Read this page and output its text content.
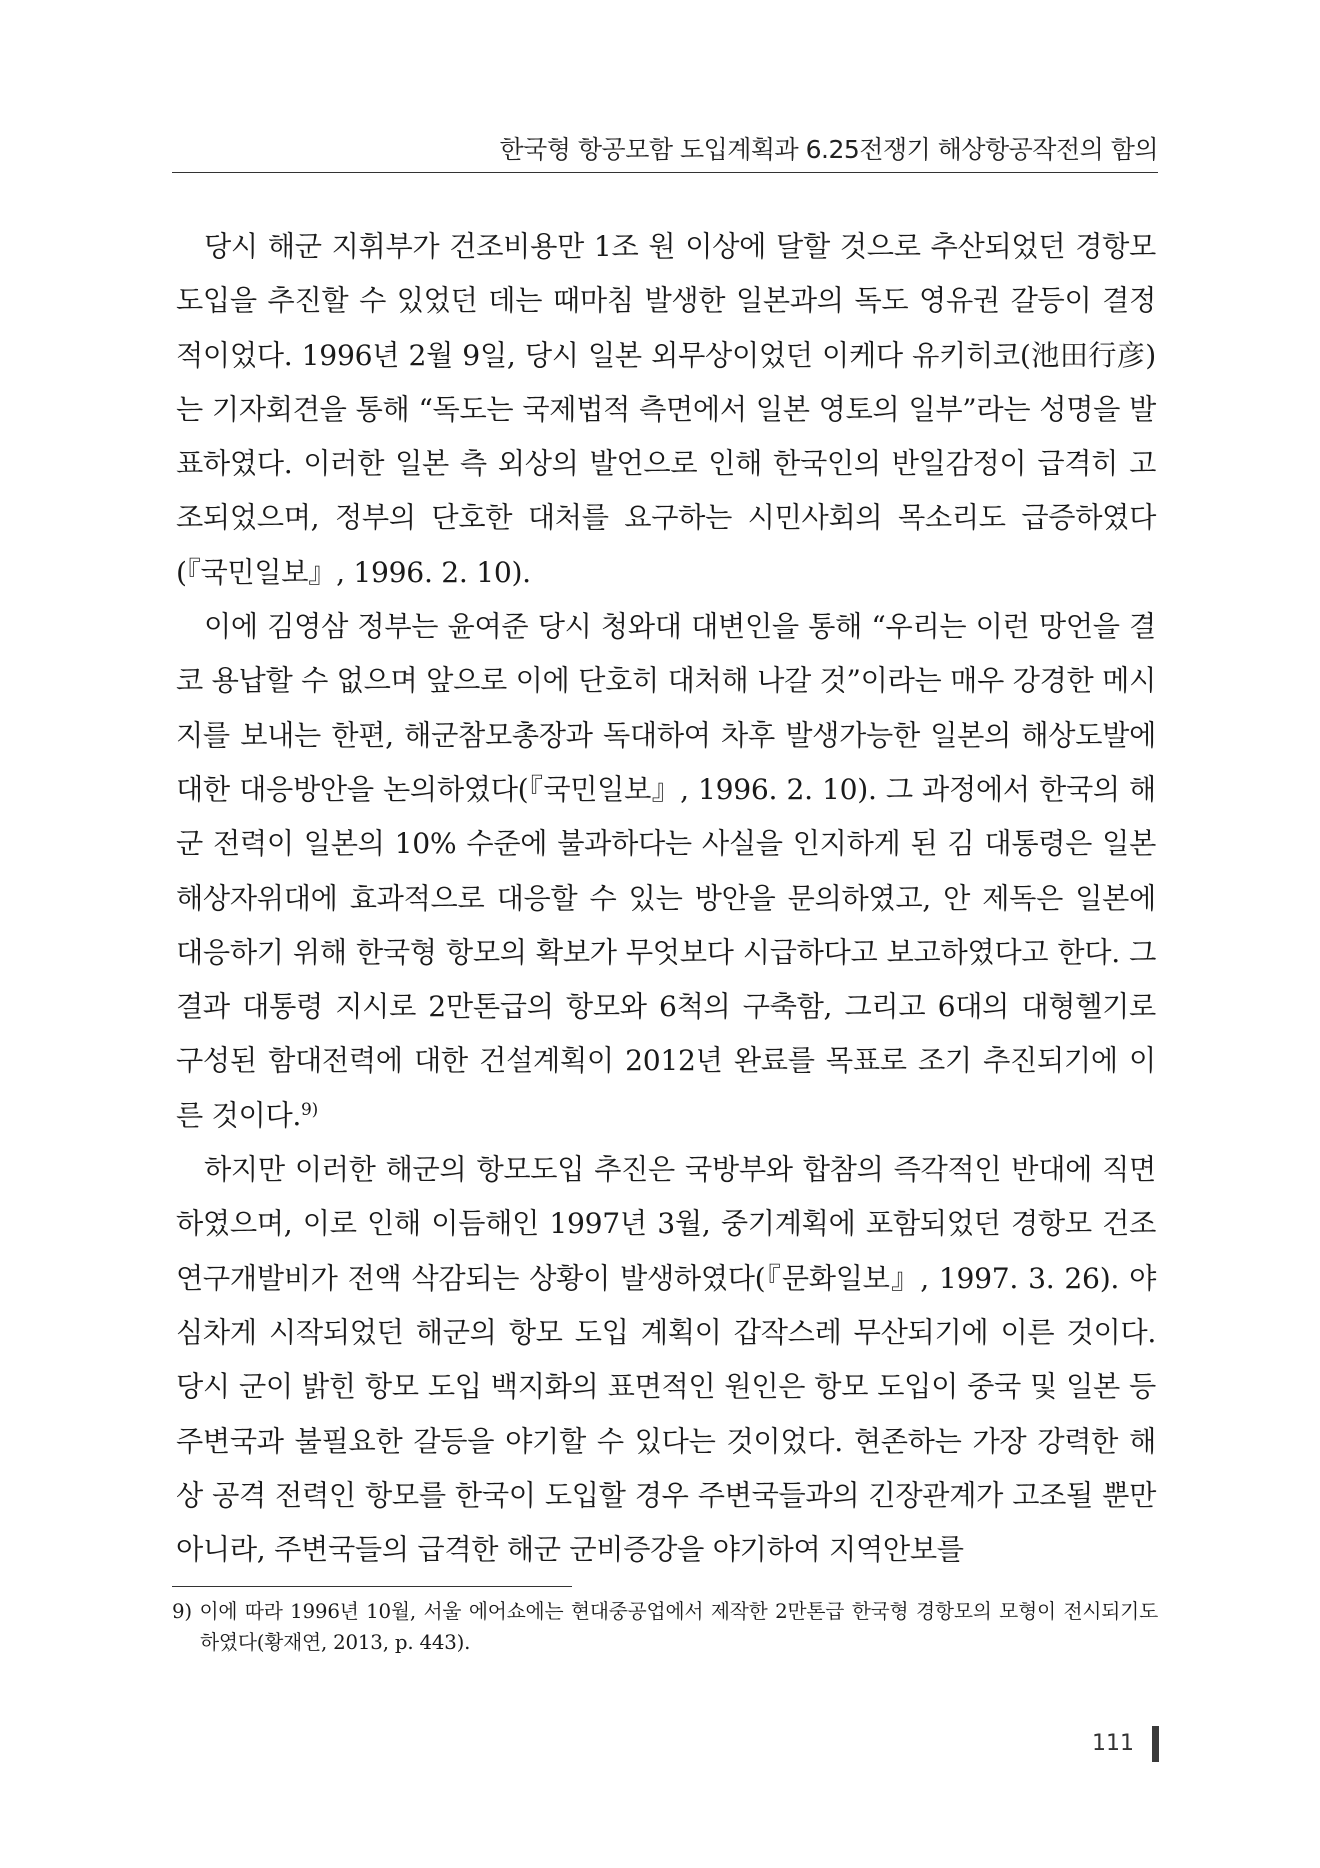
한국형 항공모함 도입계획과 6.25전쟁기 해상항공작전의 함의

당시 해군 지휘부가 건조비용만 1조 원 이상에 달할 것으로 추산되었던 경항모 도입을 추진할 수 있었던 데는 때마침 발생한 일본과의 독도 영유권 갈등이 결정적이었다. 1996년 2월 9일, 당시 일본 외무상이었던 이케다 유키히코(池田行彦)는 기자회견을 통해 “독도는 국제법적 측면에서 일본 영토의 일부”라는 성명을 발표하였다. 이러한 일본 측 외상의 발언으로 인해 한국인의 반일감정이 급격히 고조되었으며, 정부의 단호한 대처를 요구하는 시민사회의 목소리도 급증하였다(『국민일보』, 1996. 2. 10).

이에 김영삼 정부는 윤여준 당시 청와대 대변인을 통해 “우리는 이런 망언을 결코 용납할 수 없으며 앞으로 이에 단호히 대처해 나갈 것”이라는 매우 강경한 메시지를 보내는 한편, 해군참모총장과 독대하여 차후 발생가능한 일본의 해상도발에 대한 대응방안을 논의하였다(『국민일보』, 1996. 2. 10). 그 과정에서 한국의 해군 전력이 일본의 10% 수준에 불과하다는 사실을 인지하게 된 김 대통령은 일본 해상자위대에 효과적으로 대응할 수 있는 방안을 문의하였고, 안 제독은 일본에 대응하기 위해 한국형 항모의 확보가 무엇보다 시급하다고 보고하였다고 한다. 그 결과 대통령 지시로 2만톤급의 항모와 6척의 구축함, 그리고 6대의 대형헬기로 구성된 함대전력에 대한 건설계획이 2012년 완료를 목표로 조기 추진되기에 이른 것이다.$^{9)}$

하지만 이러한 해군의 항모도입 추진은 국방부와 합참의 즉각적인 반대에 직면하였으며, 이로 인해 이듬해인 1997년 3월, 중기계획에 포함되었던 경항모 건조 연구개발비가 전액 삭감되는 상황이 발생하였다(『문화일보』, 1997. 3. 26). 야심차게 시작되었던 해군의 항모 도입 계획이 갑작스레 무산되기에 이른 것이다. 당시 군이 밝힌 항모 도입 백지화의 표면적인 원인은 항모 도입이 중국 및 일본 등 주변국과 불필요한 갈등을 야기할 수 있다는 것이었다. 현존하는 가장 강력한 해상 공격 전력인 항모를 한국이 도입할 경우 주변국들과의 긴장관계가 고조될 뿐만 아니라, 주변국들의 급격한 해군 군비증강을 야기하여 지역안보를

9) 이에 따라 1996년 10월, 서울 에어쇼에는 현대중공업에서 제작한 2만톤급 한국형 경항모의 모형이 전시되기도 하였다(황재연, 2013, p. 443).
111
